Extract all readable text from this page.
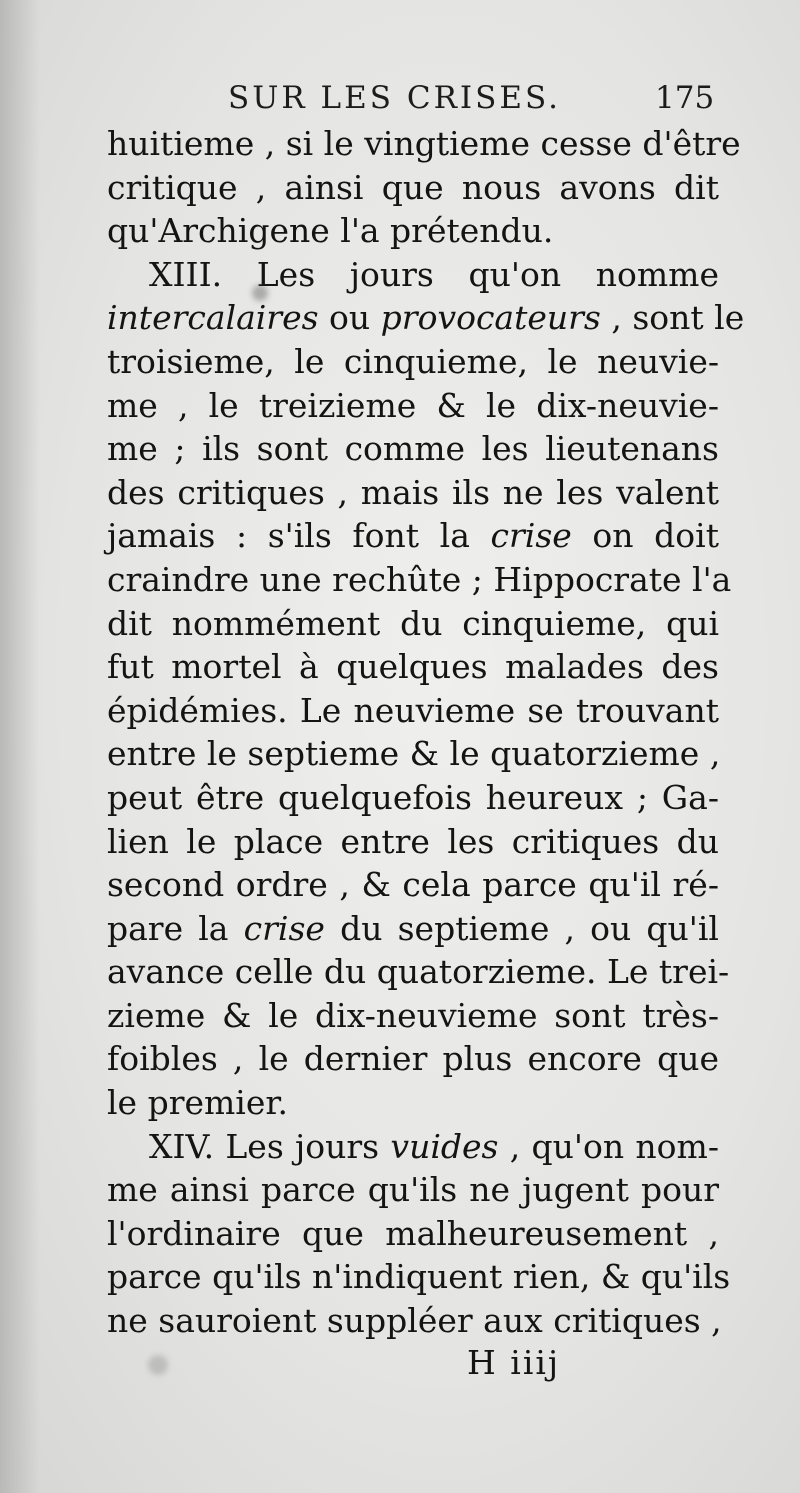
SUR LES CRISES.	175
huitieme , si le vingtieme cesse d'être
critique , ainsi que nous avons dit
qu'Archigene l'a prétendu.
XIII. Les jours qu'on nomme
intercalaires ou provocateurs , sont le
troisieme, le cinquieme, le neuvie-
me , le treizieme & le dix-neuvie-
me ; ils sont comme les lieutenans
des critiques , mais ils ne les valent
jamais : s'ils font la crise on doit
craindre une rechûte ; Hippocrate l'a
dit nommément du cinquieme, qui
fut mortel à quelques malades des
épidémies. Le neuvieme se trouvant
entre le septieme & le quatorzieme ,
peut être quelquefois heureux ; Ga-
lien le place entre les critiques du
second ordre , & cela parce qu'il ré-
pare la crise du septieme , ou qu'il
avance celle du quatorzieme. Le trei-
zieme & le dix-neuvieme sont très-
foibles , le dernier plus encore que
le premier.
XIV. Les jours vuides , qu'on nom-
me ainsi parce qu'ils ne jugent pour
l'ordinaire que malheureusement ,
parce qu'ils n'indiquent rien, & qu'ils
ne sauroient suppléer aux critiques ,
H iiij
